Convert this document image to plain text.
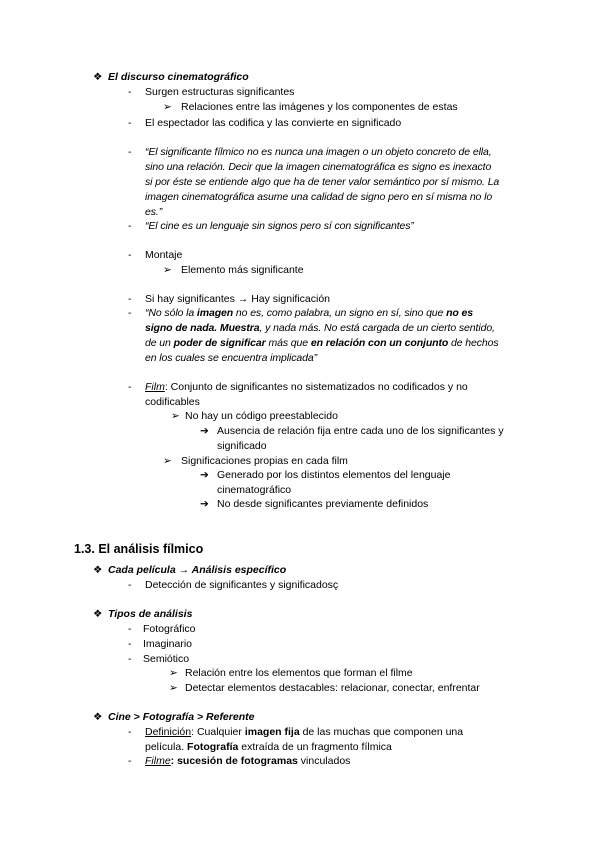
❖ El discurso cinematográfico
- Surgen estructuras significantes
➢ Relaciones entre las imágenes y los componentes de estas
- El espectador las codifica y las convierte en significado
- “El significante fílmico no es nunca una imagen o un objeto concreto de ella,
sino una relación. Decir que la imagen cinematográfica es signo es inexacto
si por éste se entiende algo que ha de tener valor semántico por sí mismo. La
imagen cinematográfica asume una calidad de signo pero en sí misma no lo
es.”
- “El cine es un lenguaje sin signos pero sí con significantes”
- Montaje
➢ Elemento más significante
- Si hay significantes → Hay significación
- “No sólo la imagen no es, como palabra, un signo en sí, sino que no es
signo de nada. Muestra, y nada más. No está cargada de un cierto sentido,
de un poder de significar más que en relación con un conjunto de hechos
en los cuales se encuentra implicada”
- Film: Conjunto de significantes no sistematizados no codificados y no
codificables
➢ No hay un código preestablecido
➔ Ausencia de relación fija entre cada uno de los significantes y
significado
➢ Significaciones propias en cada film
➔ Generado por los distintos elementos del lenguaje
cinematográfico
➔ No desde significantes previamente definidos
1.3. El análisis fílmico
❖ Cada película → Análisis específico
- Detección de significantes y significadosç
❖ Tipos de análisis
- Fotográfico
- Imaginario
- Semiótico
➢ Relación entre los elementos que forman el filme
➢ Detectar elementos destacables: relacionar, conectar, enfrentar
❖ Cine > Fotografía > Referente
- Definición: Cualquier imagen fija de las muchas que componen una
película. Fotografía extraída de un fragmento fílmica
- Filme: sucesión de fotogramas vinculados
